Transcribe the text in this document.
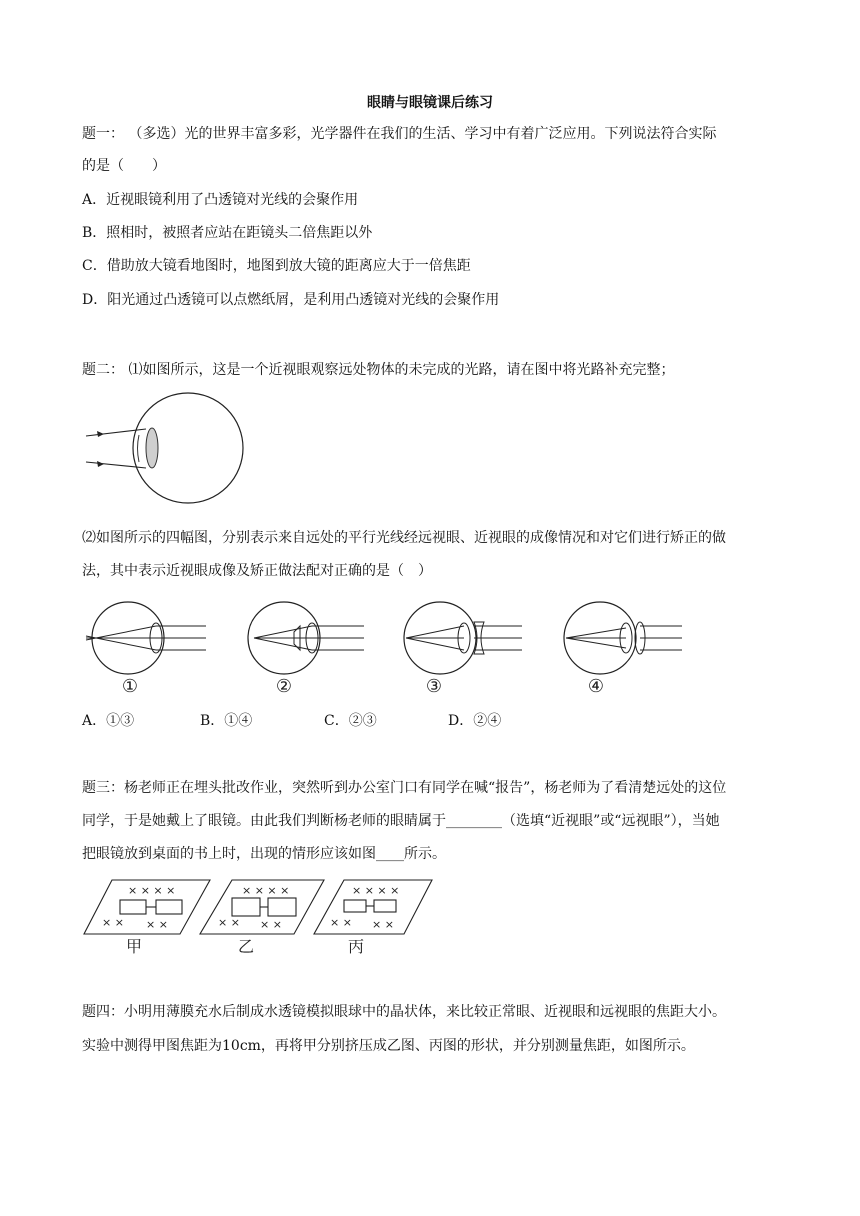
眼睛与眼镜课后练习
题一： （多选）光的世界丰富多彩，光学器件在我们的生活、学习中有着广泛应用。下列说法符合实际
的是（　　）
A．近视眼镜利用了凸透镜对光线的会聚作用
B．照相时，被照者应站在距镜头二倍焦距以外
C．借助放大镜看地图时，地图到放大镜的距离应大于一倍焦距
D．阳光通过凸透镜可以点燃纸屑，是利用凸透镜对光线的会聚作用
题二： ⑴如图所示，这是一个近视眼观察远处物体的未完成的光路，请在图中将光路补充完整；
⑵如图所示的四幅图，分别表示来自远处的平行光线经远视眼、近视眼的成像情况和对它们进行矫正的做
法，其中表示近视眼成像及矫正做法配对正确的是（　）
①	②	③	④
A．①③	B．①④	C．②③	D．②④
题三：杨老师正在埋头批改作业，突然听到办公室门口有同学在喊“报告”，杨老师为了看清楚远处的这位
同学，于是她戴上了眼镜。由此我们判断杨老师的眼睛属于________（选填“近视眼”或“远视眼”），当她
把眼镜放到桌面的书上时，出现的情形应该如图____所示。
× × × ×
× × × ×
× × × ×
× × × ×
× × × ×
× × × ×
甲	乙	丙
题四：小明用薄膜充水后制成水透镜模拟眼球中的晶状体，来比较正常眼、近视眼和远视眼的焦距大小。
实验中测得甲图焦距为10cm，再将甲分别挤压成乙图、丙图的形状，并分别测量焦距，如图所示。
